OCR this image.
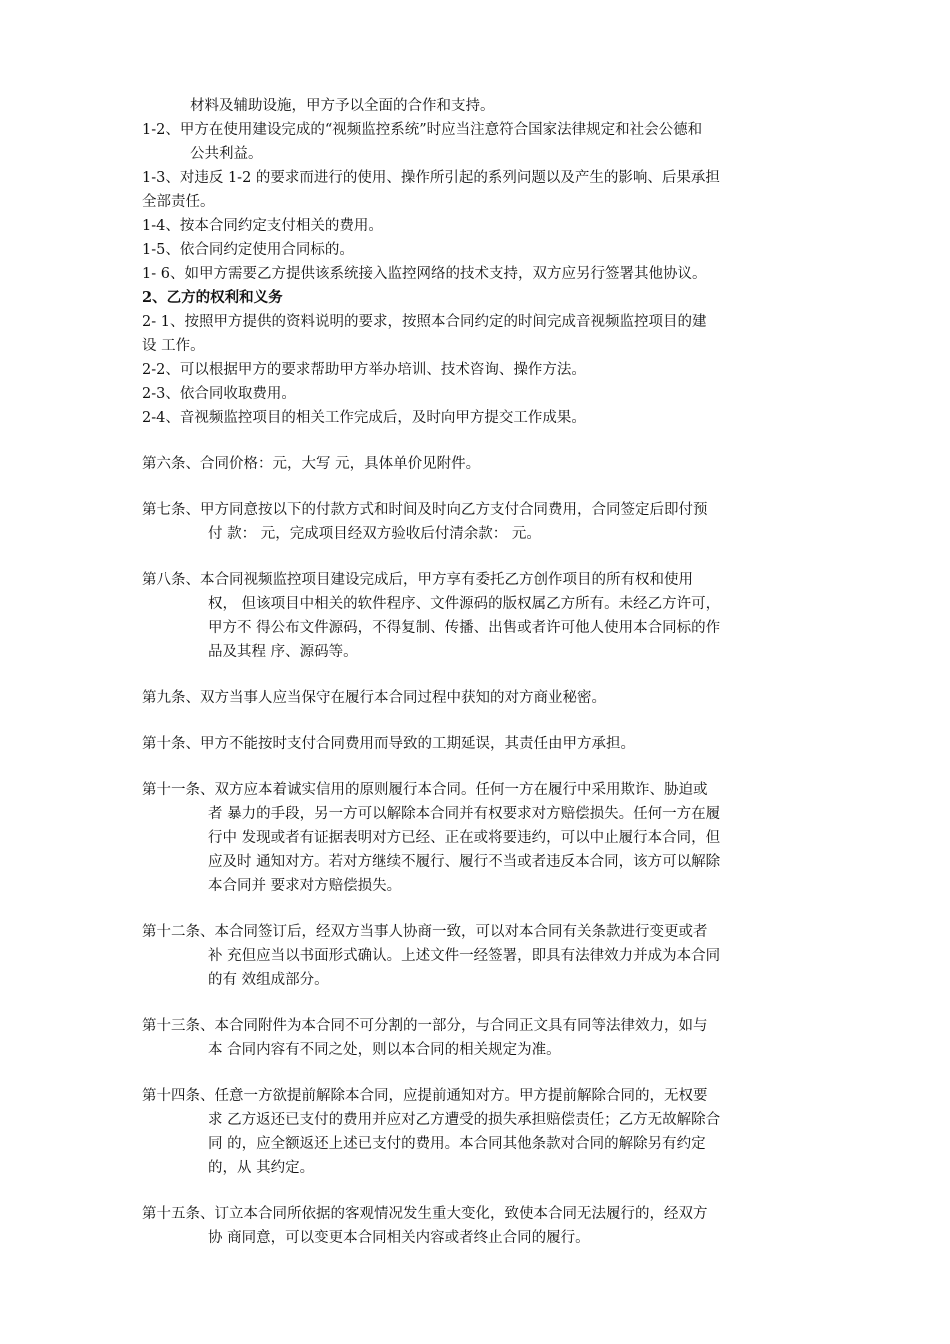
材料及辅助设施，甲方予以全面的合作和支持。
1-2、甲方在使用建设完成的“视频监控系统”时应当注意符合国家法律规定和社会公德和
公共利益。
1-3、对违反 1-2 的要求而进行的使用、操作所引起的系列问题以及产生的影响、后果承担
全部责任。
1-4、按本合同约定支付相关的费用。
1-5、依合同约定使用合同标的。
1- 6、如甲方需要乙方提供该系统接入监控网络的技术支持，双方应另行签署其他协议。
2、乙方的权利和义务
2- 1、按照甲方提供的资料说明的要求，按照本合同约定的时间完成音视频监控项目的建
设 工作。
2-2、可以根据甲方的要求帮助甲方举办培训、技术咨询、操作方法。
2-3、依合同收取费用。
2-4、音视频监控项目的相关工作完成后，及时向甲方提交工作成果。
第六条、合同价格：元，大写 元，具体单价见附件。
第七条、甲方同意按以下的付款方式和时间及时向乙方支付合同费用，合同签定后即付预
付 款： 元，完成项目经双方验收后付清余款： 元。
第八条、本合同视频监控项目建设完成后，甲方享有委托乙方创作项目的所有权和使用
权， 但该项目中相关的软件程序、文件源码的版权属乙方所有。未经乙方许可，
甲方不 得公布文件源码，不得复制、传播、出售或者许可他人使用本合同标的作
品及其程 序、源码等。
第九条、双方当事人应当保守在履行本合同过程中获知的对方商业秘密。
第十条、甲方不能按时支付合同费用而导致的工期延误，其责任由甲方承担。
第十一条、双方应本着诚实信用的原则履行本合同。任何一方在履行中采用欺诈、胁迫或
者 暴力的手段，另一方可以解除本合同并有权要求对方赔偿损失。任何一方在履
行中 发现或者有证据表明对方已经、正在或将要违约，可以中止履行本合同，但
应及时 通知对方。若对方继续不履行、履行不当或者违反本合同，该方可以解除
本合同并 要求对方赔偿损失。
第十二条、本合同签订后，经双方当事人协商一致，可以对本合同有关条款进行变更或者
补 充但应当以书面形式确认。上述文件一经签署，即具有法律效力并成为本合同
的有 效组成部分。
第十三条、本合同附件为本合同不可分割的一部分，与合同正文具有同等法律效力，如与
本 合同内容有不同之处，则以本合同的相关规定为准。
第十四条、任意一方欲提前解除本合同，应提前通知对方。甲方提前解除合同的，无权要
求 乙方返还已支付的费用并应对乙方遭受的损失承担赔偿责任；乙方无故解除合
同 的，应全额返还上述已支付的费用。本合同其他条款对合同的解除另有约定
的，从 其约定。
第十五条、订立本合同所依据的客观情况发生重大变化，致使本合同无法履行的，经双方
协 商同意，可以变更本合同相关内容或者终止合同的履行。
